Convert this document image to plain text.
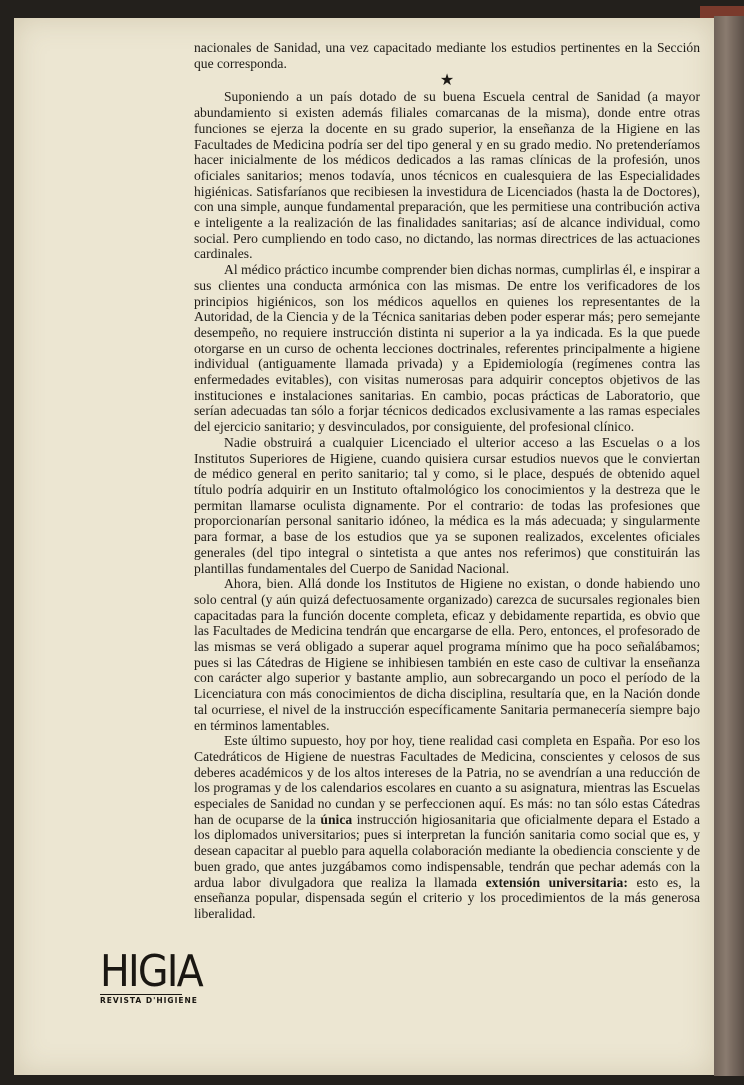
nacionales de Sanidad, una vez capacitado mediante los estudios pertinentes en la Sección que corresponda.

★

Suponiendo a un país dotado de su buena Escuela central de Sanidad (a mayor abundamiento si existen además filiales comarcanas de la misma), donde entre otras funciones se ejerza la docente en su grado superior, la enseñanza de la Higiene en las Facultades de Medicina podría ser del tipo general y en su grado medio. No pretenderíamos hacer inicialmente de los médicos dedicados a las ramas clínicas de la profesión, unos oficiales sanitarios; menos todavía, unos técnicos en cualesquiera de las Especialidades higiénicas. Satisfaríanos que recibiesen la investidura de Licenciados (hasta la de Doctores), con una simple, aunque fundamental preparación, que les permitiese una contribución activa e inteligente a la realización de las finalidades sanitarias; así de alcance individual, como social. Pero cumpliendo en todo caso, no dictando, las normas directrices de las actuaciones cardinales.

Al médico práctico incumbe comprender bien dichas normas, cumplirlas él, e inspirar a sus clientes una conducta armónica con las mismas. De entre los verificadores de los principios higiénicos, son los médicos aquellos en quienes los representantes de la Autoridad, de la Ciencia y de la Técnica sanitarias deben poder esperar más; pero semejante desempeño, no requiere instrucción distinta ni superior a la ya indicada. Es la que puede otorgarse en un curso de ochenta lecciones doctrinales, referentes principalmente a higiene individual (antiguamente llamada privada) y a Epidemiología (regímenes contra las enfermedades evitables), con visitas numerosas para adquirir conceptos objetivos de las instituciones e instalaciones sanitarias. En cambio, pocas prácticas de Laboratorio, que serían adecuadas tan sólo a forjar técnicos dedicados exclusivamente a las ramas especiales del ejercicio sanitario; y desvinculados, por consiguiente, del profesional clínico.

Nadie obstruirá a cualquier Licenciado el ulterior acceso a las Escuelas o a los Institutos Superiores de Higiene, cuando quisiera cursar estudios nuevos que le conviertan de médico general en perito sanitario; tal y como, si le place, después de obtenido aquel título podría adquirir en un Instituto oftalmológico los conocimientos y la destreza que le permitan llamarse oculista dignamente. Por el contrario: de todas las profesiones que proporcionarían personal sanitario idóneo, la médica es la más adecuada; y singularmente para formar, a base de los estudios que ya se suponen realizados, excelentes oficiales generales (del tipo integral o sintetista a que antes nos referimos) que constituirán las plantillas fundamentales del Cuerpo de Sanidad Nacional.

Ahora, bien. Allá donde los Institutos de Higiene no existan, o donde habiendo uno solo central (y aún quizá defectuosamente organizado) carezca de sucursales regionales bien capacitadas para la función docente completa, eficaz y debidamente repartida, es obvio que las Facultades de Medicina tendrán que encargarse de ella. Pero, entonces, el profesorado de las mismas se verá obligado a superar aquel programa mínimo que ha poco señalábamos; pues si las Cátedras de Higiene se inhibiesen también en este caso de cultivar la enseñanza con carácter algo superior y bastante amplio, aun sobrecargando un poco el período de la Licenciatura con más conocimientos de dicha disciplina, resultaría que, en la Nación donde tal ocurriese, el nivel de la instrucción específicamente Sanitaria permanecería siempre bajo en términos lamentables.

Este último supuesto, hoy por hoy, tiene realidad casi completa en España. Por eso los Catedráticos de Higiene de nuestras Facultades de Medicina, conscientes y celosos de sus deberes académicos y de los altos intereses de la Patria, no se avendrían a una reducción de los programas y de los calendarios escolares en cuanto a su asignatura, mientras las Escuelas especiales de Sanidad no cundan y se perfeccionen aquí. Es más: no tan sólo estas Cátedras han de ocuparse de la única instrucción higiosanitaria que oficialmente depara el Estado a los diplomados universitarios; pues si interpretan la función sanitaria como social que es, y desean capacitar al pueblo para aquella colaboración mediante la obediencia consciente y de buen grado, que antes juzgábamos como indispensable, tendrán que pechar además con la ardua labor divulgadora que realiza la llamada extensión universitaria: esto es, la enseñanza popular, dispensada según el criterio y los procedimientos de la más generosa liberalidad.

HIGIA
REVISTA D'HIGIENE
